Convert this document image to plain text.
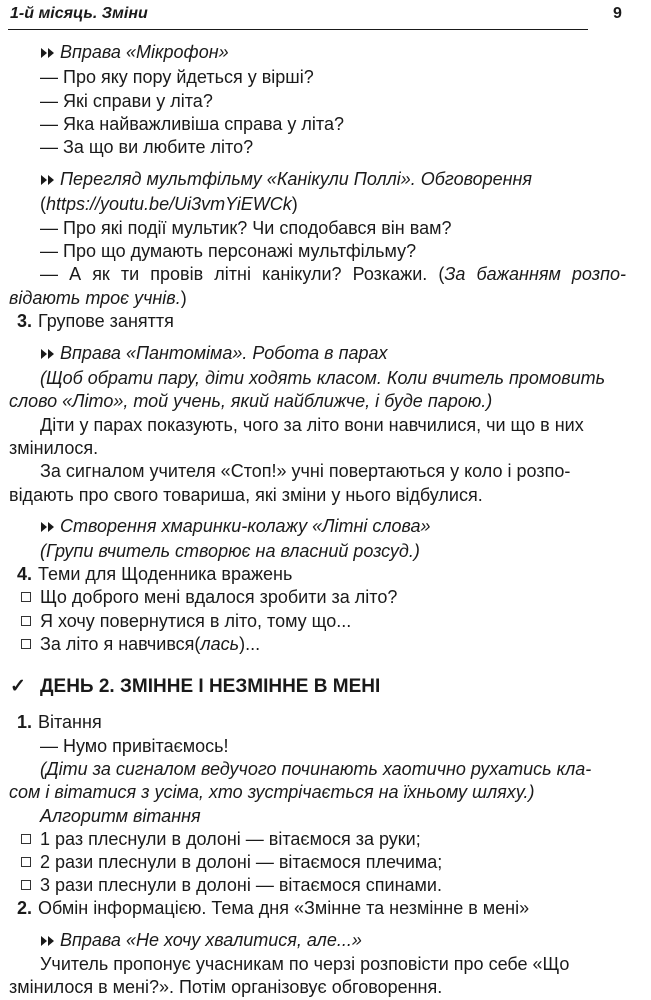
1-й місяць. Зміни	9
Вправа «Мікрофон»
— Про яку пору йдеться у вірші?
— Які справи у літа?
— Яка найважливіша справа у літа?
— За що ви любите літо?
Перегляд мультфільму «Канікули Поллі». Обговорення
(https://youtu.be/Ui3vmYiEWCk)
— Про які події мультик? Чи сподобався він вам?
— Про що думають персонажі мультфільму?
— А як ти провів літні канікули? Розкажи. (За бажанням розпо-
відають троє учнів.)
3. Групове заняття
Вправа «Пантоміма». Робота в парах
(Щоб обрати пару, діти ходять класом. Коли вчитель промовить
слово «Літо», той учень, який найближче, і буде парою.)
Діти у парах показують, чого за літо вони навчилися, чи що в них
змінилося.
За сигналом учителя «Стоп!» учні повертаються у коло і розпо-
відають про свого товариша, які зміни у нього відбулися.
Створення хмаринки-колажу «Літні слова»
(Групи вчитель створює на власний розсуд.)
4. Теми для Щоденника вражень
Що доброго мені вдалося зробити за літо?
Я хочу повернутися в літо, тому що...
За літо я навчився(лась)...
✓ ДЕНЬ 2. ЗМІННЕ І НЕЗМІННЕ В МЕНІ
1. Вітання
— Нумо привітаємось!
(Діти за сигналом ведучого починають хаотично рухатись кла-
сом і вітатися з усіма, хто зустрічається на їхньому шляху.)
Алгоритм вітання
1 раз плеснули в долоні — вітаємося за руки;
2 рази плеснули в долоні — вітаємося плечима;
3 рази плеснули в долоні — вітаємося спинами.
2. Обмін інформацією. Тема дня «Змінне та незмінне в мені»
Вправа «Не хочу хвалитися, але...»
Учитель пропонує учасникам по черзі розповісти про себе «Що
змінилося в мені?». Потім організовує обговорення.
